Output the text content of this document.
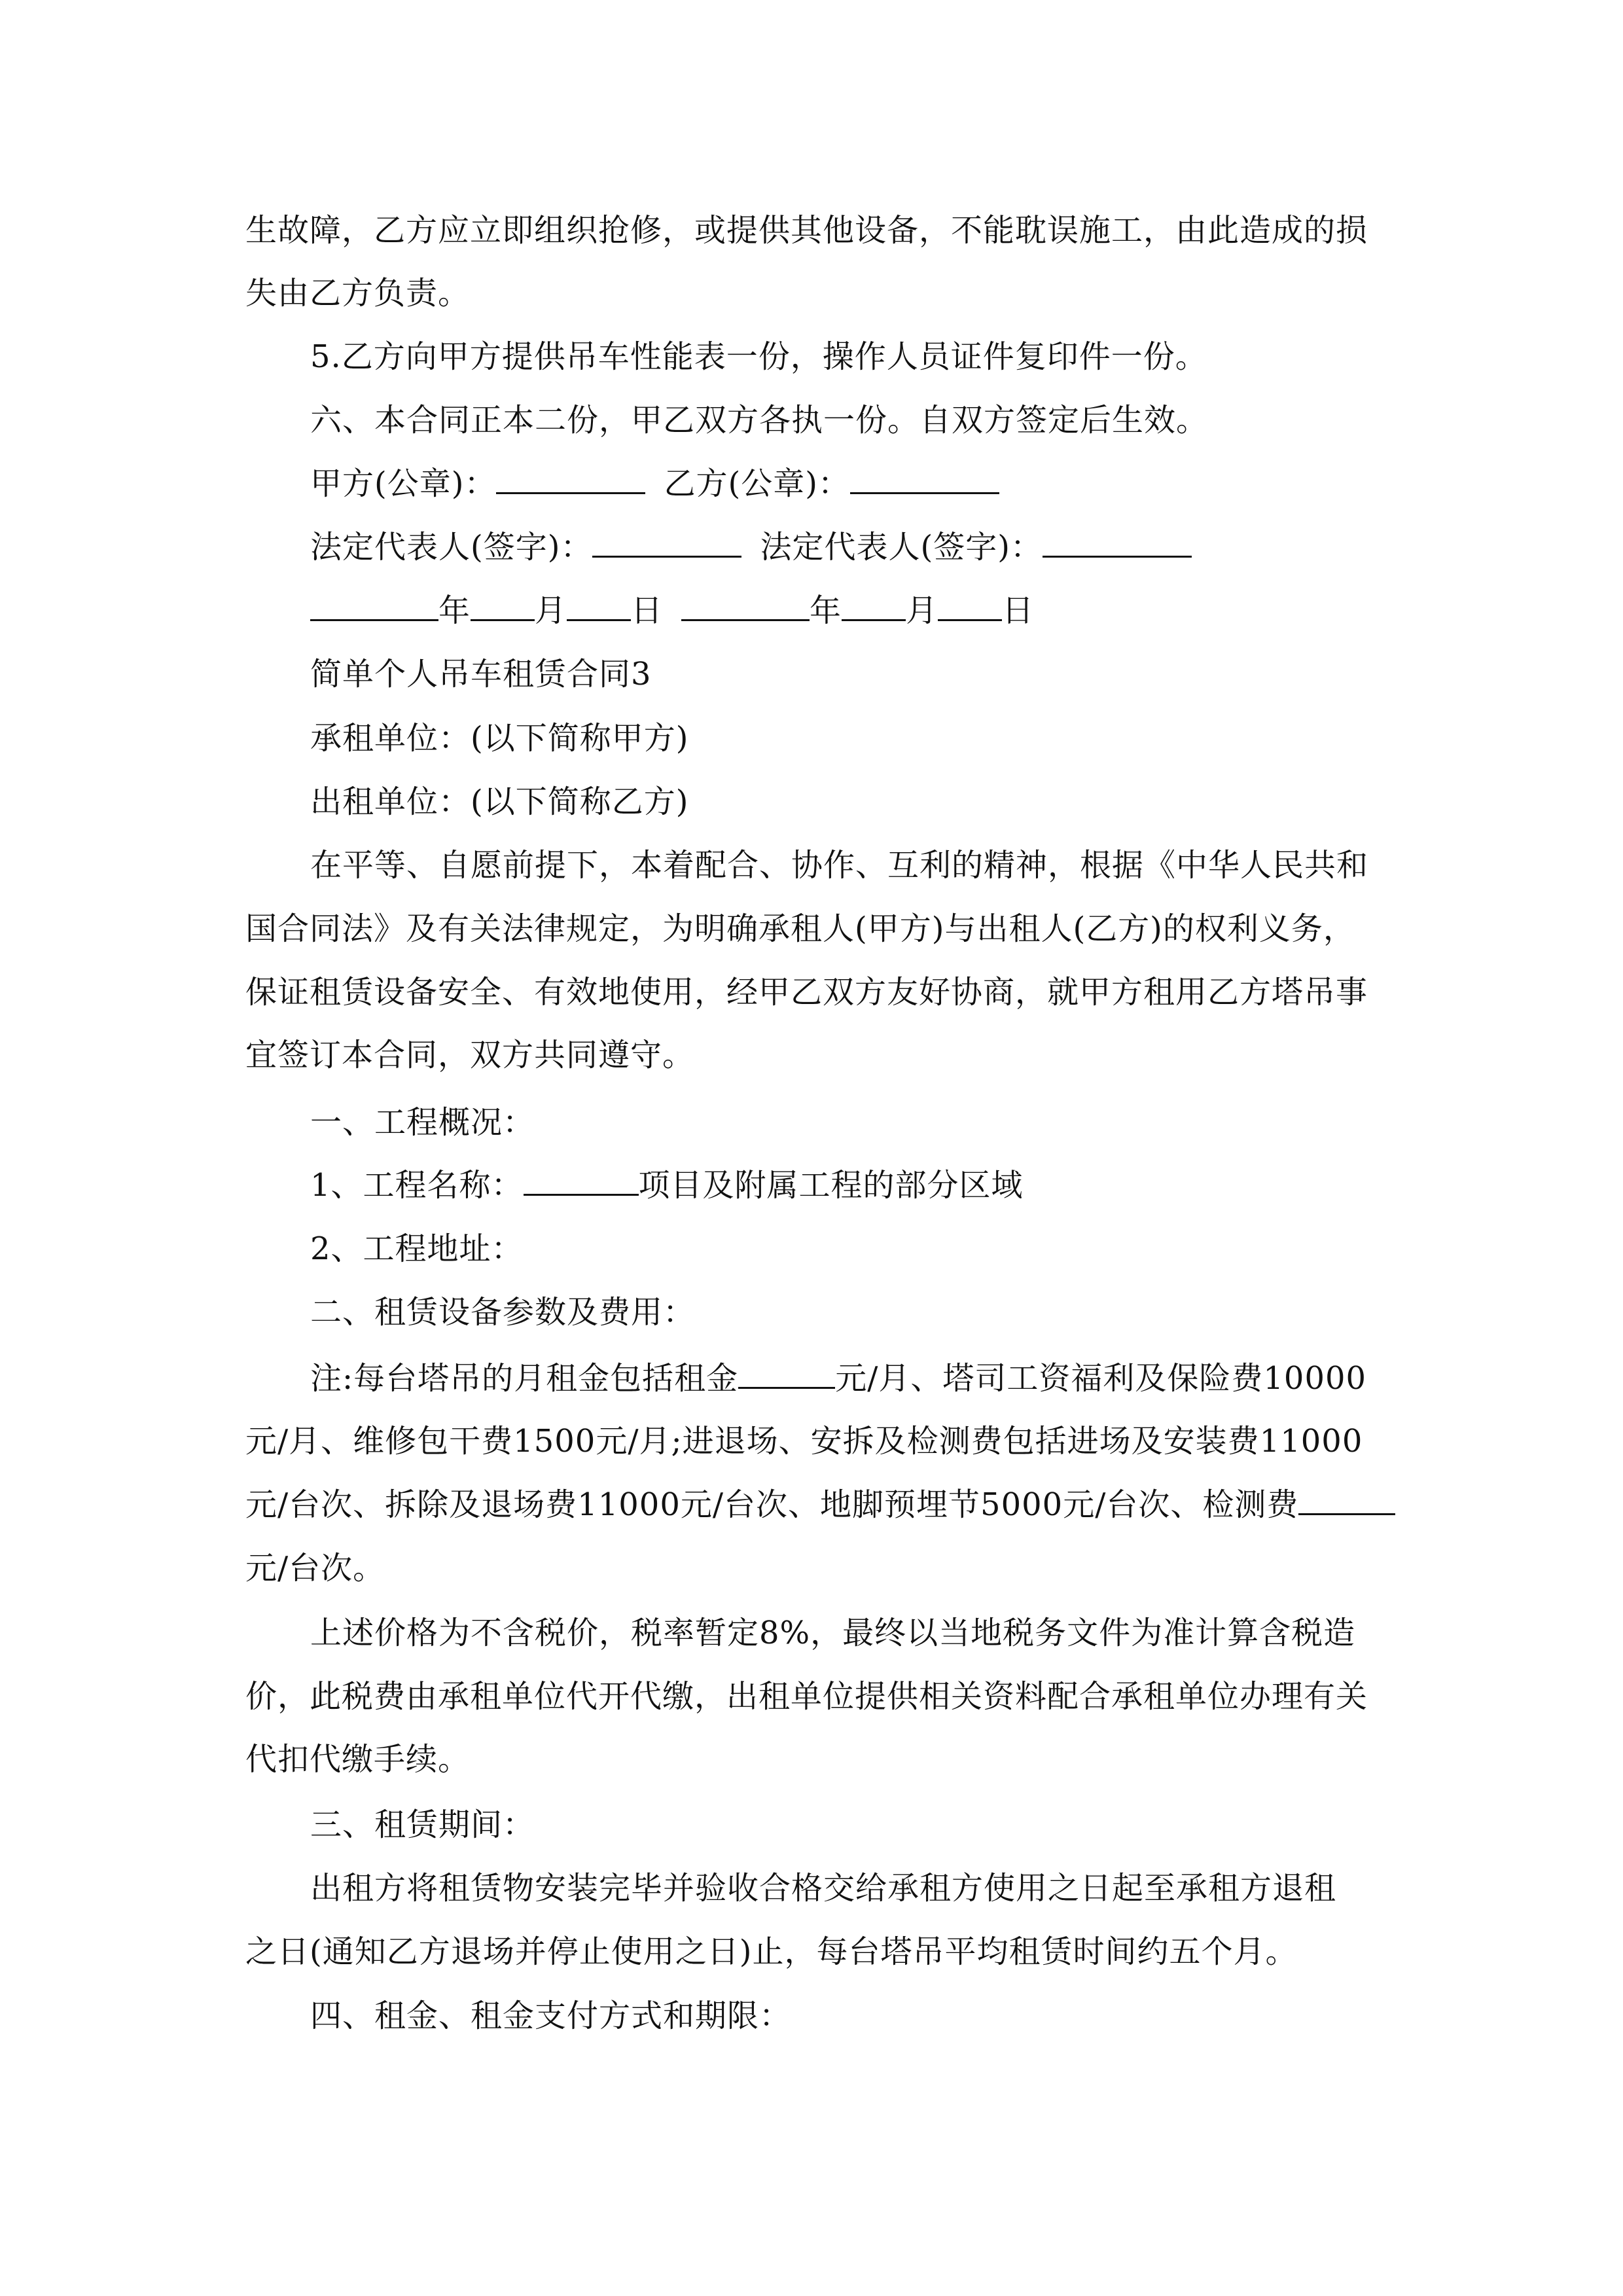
生故障，乙方应立即组织抢修，或提供其他设备，不能耽误施工，由此造成的损
失由乙方负责。
5.乙方向甲方提供吊车性能表一份，操作人员证件复印件一份。
六、本合同正本二份，甲乙双方各执一份。自双方签定后生效。
甲方(公章)：	乙方(公章)：
法定代表人(签字)：	法定代表人(签字)：
年 月 日	年 月 日
简单个人吊车租赁合同3
承租单位：(以下简称甲方)
出租单位：(以下简称乙方)
在平等、自愿前提下，本着配合、协作、互利的精神，根据《中华人民共和
国合同法》及有关法律规定，为明确承租人(甲方)与出租人(乙方)的权利义务，
保证租赁设备安全、有效地使用，经甲乙双方友好协商，就甲方租用乙方塔吊事
宜签订本合同，双方共同遵守。
一、工程概况：
1、工程名称：	项目及附属工程的部分区域
2、工程地址：
二、租赁设备参数及费用：
注:每台塔吊的月租金包括租金	元/月、塔司工资福利及保险费10000
元/月、维修包干费1500元/月;进退场、安拆及检测费包括进场及安装费11000
元/台次、拆除及退场费11000元/台次、地脚预埋节5000元/台次、检测费
元/台次。
上述价格为不含税价，税率暂定8%，最终以当地税务文件为准计算含税造
价，此税费由承租单位代开代缴，出租单位提供相关资料配合承租单位办理有关
代扣代缴手续。
三、租赁期间：
出租方将租赁物安装完毕并验收合格交给承租方使用之日起至承租方退租
之日(通知乙方退场并停止使用之日)止，每台塔吊平均租赁时间约五个月。
四、租金、租金支付方式和期限：
